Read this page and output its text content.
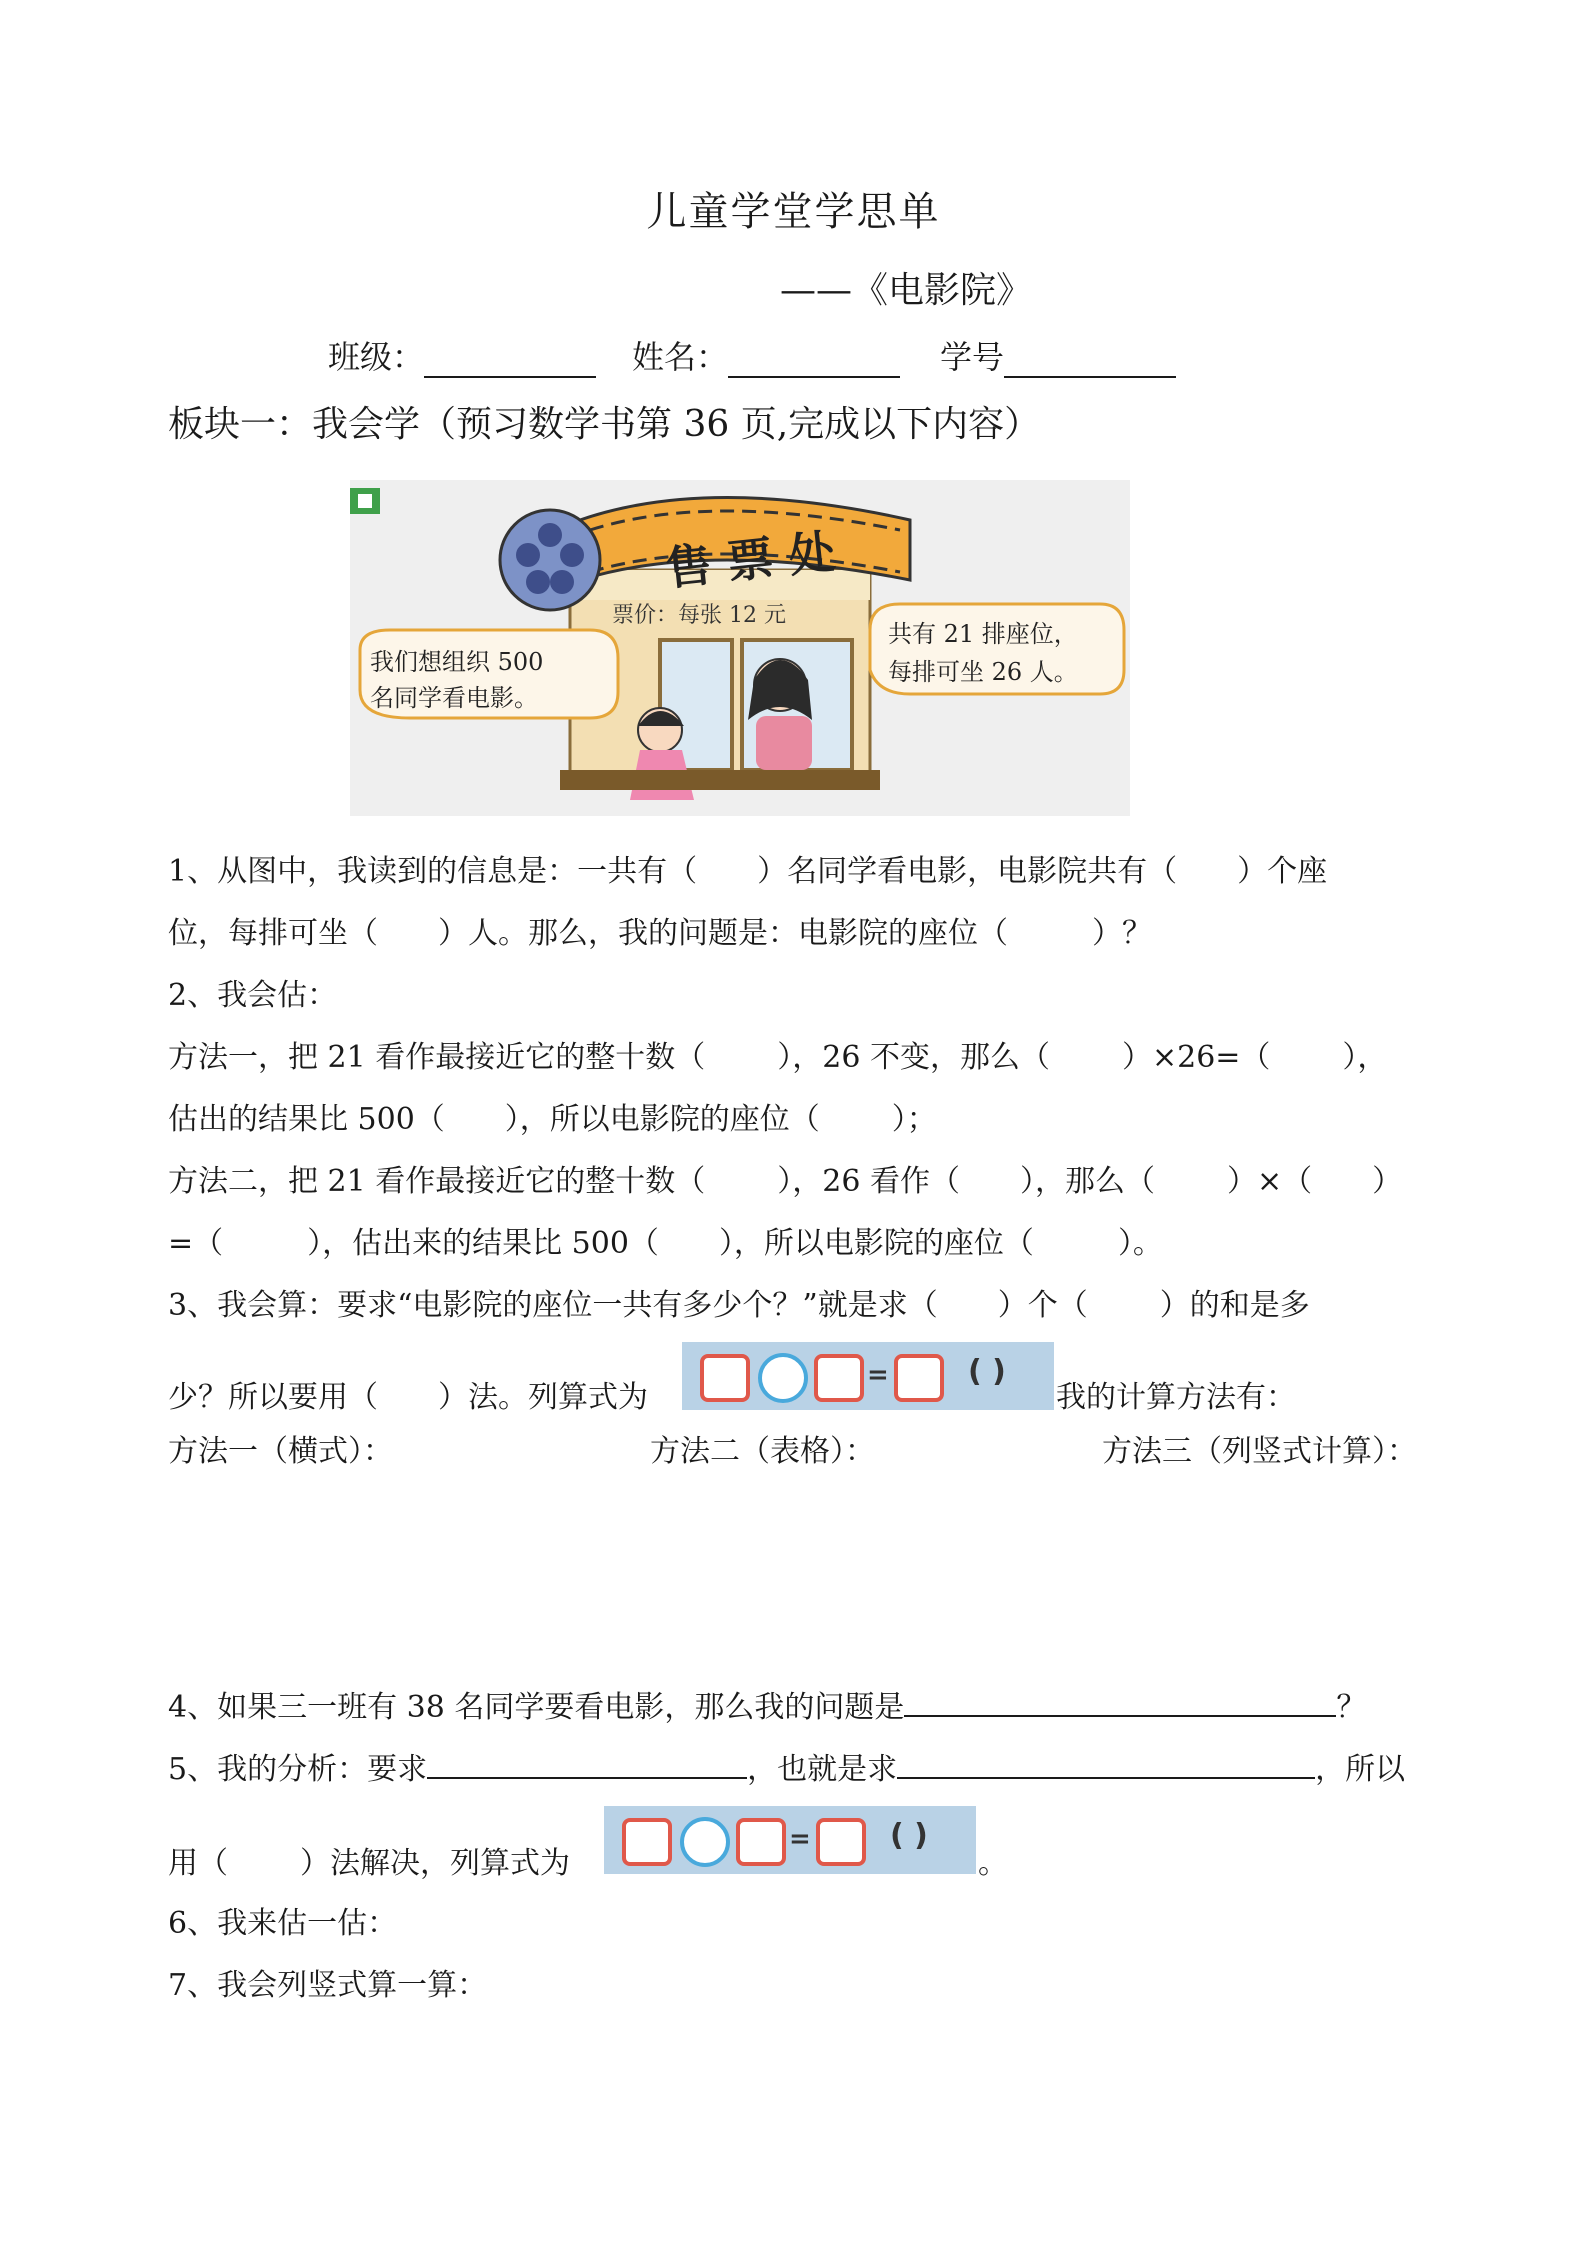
儿童学堂学思单
——《电影院》
班级：	姓名：	学号
板块一：我会学（预习数学书第 36 页,完成以下内容）
售 票 处
票价：每张 12 元
我们想组织 500
名同学看电影。
共有 21 排座位，
每排可坐 26 人。
1、从图中，我读到的信息是：一共有（ ）名同学看电影，电影院共有（ ）个座
位，每排可坐（ ）人。那么，我的问题是：电影院的座位（	）？
2、我会估：
方法一，把 21 看作最接近它的整十数（ ），26 不变，那么（ ）×26=（ ），
估出的结果比 500（ ），所以电影院的座位（ ）；
方法二，把 21 看作最接近它的整十数（ ），26 看作（ ），那么（ ）×（ ）
=（	），估出来的结果比 500（ ），所以电影院的座位（	）。
3、我会算：要求“电影院的座位一共有多少个？”就是求（ ）个（ ）的和是多
少？所以要用（ ）法。列算式为
=	( )
我的计算方法有：
方法一（横式）：	方法二（表格）：	方法三（列竖式计算）：
4、如果三一班有 38 名同学要看电影，那么我的问题是	？
5、我的分析：要求	，也就是求	，所以
用（ ）法解决，列算式为
=	( )
。
6、我来估一估：
7、我会列竖式算一算：
